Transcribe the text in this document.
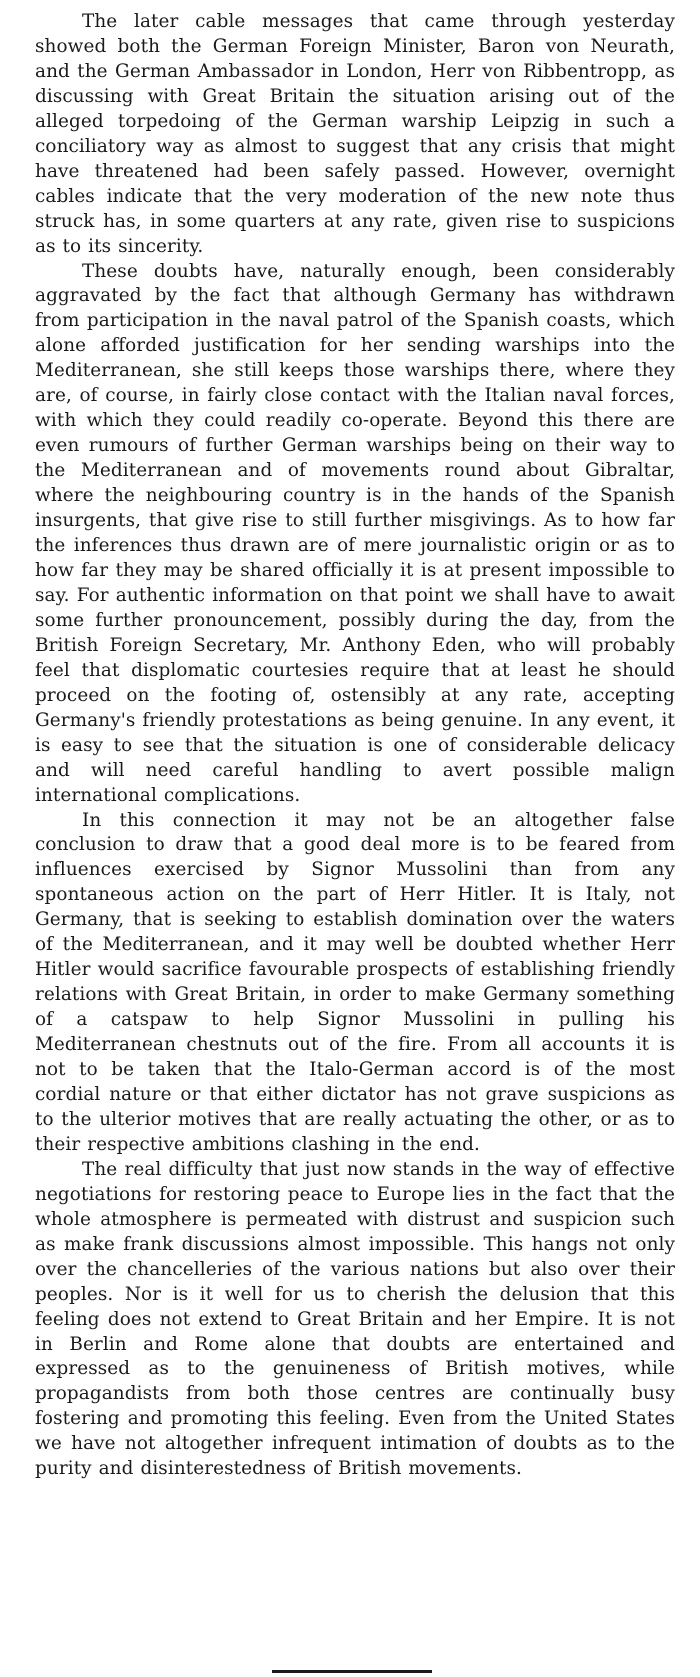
The later cable messages that came through yesterday showed both the German Foreign Minister, Baron von Neurath, and the German Ambassador in London, Herr von Ribbentropp, as discussing with Great Britain the situation arising out of the alleged torpedoing of the German warship Leipzig in such a conciliatory way as almost to suggest that any crisis that might have threatened had been safely passed. However, overnight cables indicate that the very moderation of the new note thus struck has, in some quarters at any rate, given rise to suspicions as to its sincerity.

These doubts have, naturally enough, been considerably aggravated by the fact that although Germany has withdrawn from participation in the naval patrol of the Spanish coasts, which alone afforded justification for her sending warships into the Mediterranean, she still keeps those warships there, where they are, of course, in fairly close contact with the Italian naval forces, with which they could readily co-operate. Beyond this there are even rumours of further German warships being on their way to the Mediterranean and of movements round about Gibraltar, where the neighbouring country is in the hands of the Spanish insurgents, that give rise to still further misgivings. As to how far the inferences thus drawn are of mere journalistic origin or as to how far they may be shared officially it is at present impossible to say. For authentic information on that point we shall have to await some further pronouncement, possibly during the day, from the British Foreign Secretary, Mr. Anthony Eden, who will probably feel that displomatic courtesies require that at least he should proceed on the footing of, ostensibly at any rate, accepting Germany's friendly protestations as being genuine. In any event, it is easy to see that the situation is one of considerable delicacy and will need careful handling to avert possible malign international complications.

In this connection it may not be an altogether false conclusion to draw that a good deal more is to be feared from influences exercised by Signor Mussolini than from any spontaneous action on the part of Herr Hitler. It is Italy, not Germany, that is seeking to establish domination over the waters of the Mediterranean, and it may well be doubted whether Herr Hitler would sacrifice favourable prospects of establishing friendly relations with Great Britain, in order to make Germany something of a catspaw to help Signor Mussolini in pulling his Mediterranean chestnuts out of the fire. From all accounts it is not to be taken that the Italo-German accord is of the most cordial nature or that either dictator has not grave suspicions as to the ulterior motives that are really actuating the other, or as to their respective ambitions clashing in the end.

The real difficulty that just now stands in the way of effective negotiations for restoring peace to Europe lies in the fact that the whole atmosphere is permeated with distrust and suspicion such as make frank discussions almost impossible. This hangs not only over the chancelleries of the various nations but also over their peoples. Nor is it well for us to cherish the delusion that this feeling does not extend to Great Britain and her Empire. It is not in Berlin and Rome alone that doubts are entertained and expressed as to the genuineness of British motives, while propagandists from both those centres are continually busy fostering and promoting this feeling. Even from the United States we have not altogether infrequent intimation of doubts as to the purity and disinterestedness of British movements.
